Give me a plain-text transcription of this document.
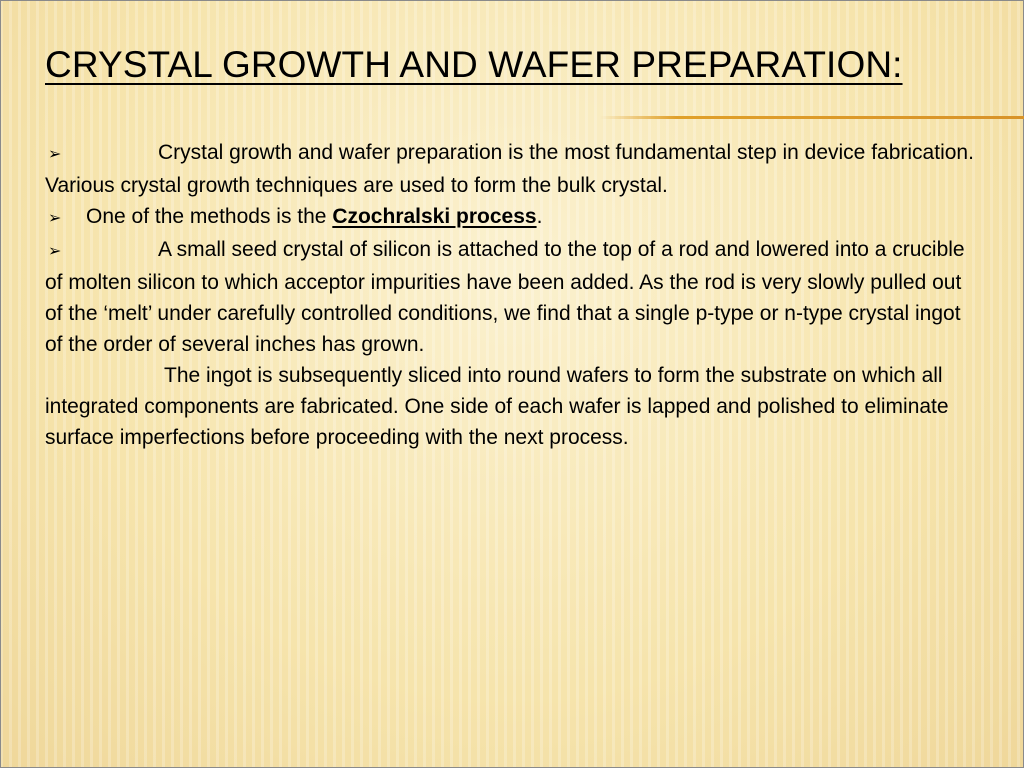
CRYSTAL GROWTH AND WAFER PREPARATION:

➢	Crystal growth and wafer preparation is the most fundamental step in device fabrication. Various crystal growth techniques are used to form the bulk crystal.

➢ One of the methods is the Czochralski process.

➢	A small seed crystal of silicon is attached to the top of a rod and lowered into a crucible of molten silicon to which acceptor impurities have been added. As the rod is very slowly pulled out of the ‘melt’ under carefully controlled conditions, we find that a single p-type or n-type crystal ingot of the order of several inches has grown.

The ingot is subsequently sliced into round wafers to form the substrate on which all integrated components are fabricated. One side of each wafer is lapped and polished to eliminate surface imperfections before proceeding with the next process.
